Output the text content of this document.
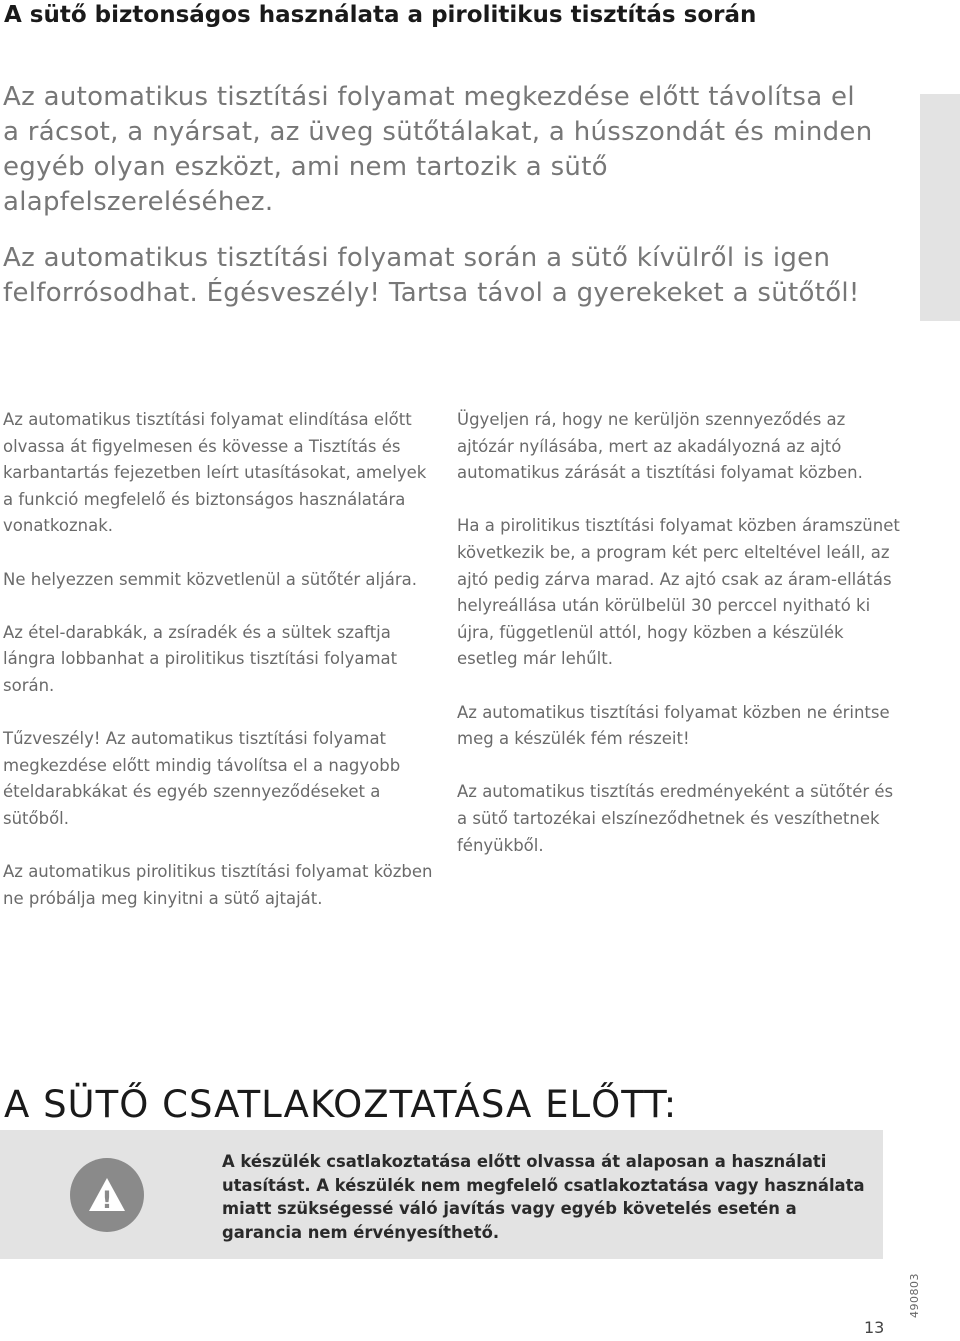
A sütő biztonságos használata a pirolitikus tisztítás során

Az automatikus tisztítási folyamat megkezdése előtt távolítsa el a rácsot, a nyársat, az üveg sütőtálakat, a hússzondát és minden egyéb olyan eszközt, ami nem tartozik a sütő alapfelszereléséhez.

Az automatikus tisztítási folyamat során a sütő kívülről is igen felforrósodhat. Égésveszély! Tartsa távol a gyerekeket a sütőtől!

Az automatikus tisztítási folyamat elindítása előtt olvassa át figyelmesen és kövesse a Tisztítás és karbantartás fejezetben leírt utasításokat, amelyek a funkció megfelelő és biztonságos használatára vonatkoznak.

Ne helyezzen semmit közvetlenül a sütőtér aljára.

Az étel-darabkák, a zsíradék és a sültek szaftja lángra lobbanhat a pirolitikus tisztítási folyamat során.

Tűzveszély! Az automatikus tisztítási folyamat megkezdése előtt mindig távolítsa el a nagyobb ételdarabkákat és egyéb szennyeződéseket a sütőből.

Az automatikus pirolitikus tisztítási folyamat közben ne próbálja meg kinyitni a sütő ajtaját.

Ügyeljen rá, hogy ne kerüljön szennyeződés az ajtózár nyílásába, mert az akadályozná az ajtó automatikus zárását a tisztítási folyamat közben.

Ha a pirolitikus tisztítási folyamat közben áramszünet következik be, a program két perc elteltével leáll, az ajtó pedig zárva marad. Az ajtó csak az áram-ellátás helyreállása után körülbelül 30 perccel nyitható ki újra, függetlenül attól, hogy közben a készülék esetleg már lehűlt.

Az automatikus tisztítási folyamat közben ne érintse meg a készülék fém részeit!

Az automatikus tisztítás eredményeként a sütőtér és a sütő tartozékai elszíneződhetnek és veszíthetnek fényükből.

A SÜTŐ CSATLAKOZTATÁSA ELŐTT:
!
A készülék csatlakoztatása előtt olvassa át alaposan a használati utasítást. A készülék nem megfelelő csatlakoztatása vagy használata miatt szükségessé váló javítás vagy egyéb követelés esetén a garancia nem érvényesíthető.
13
490803
